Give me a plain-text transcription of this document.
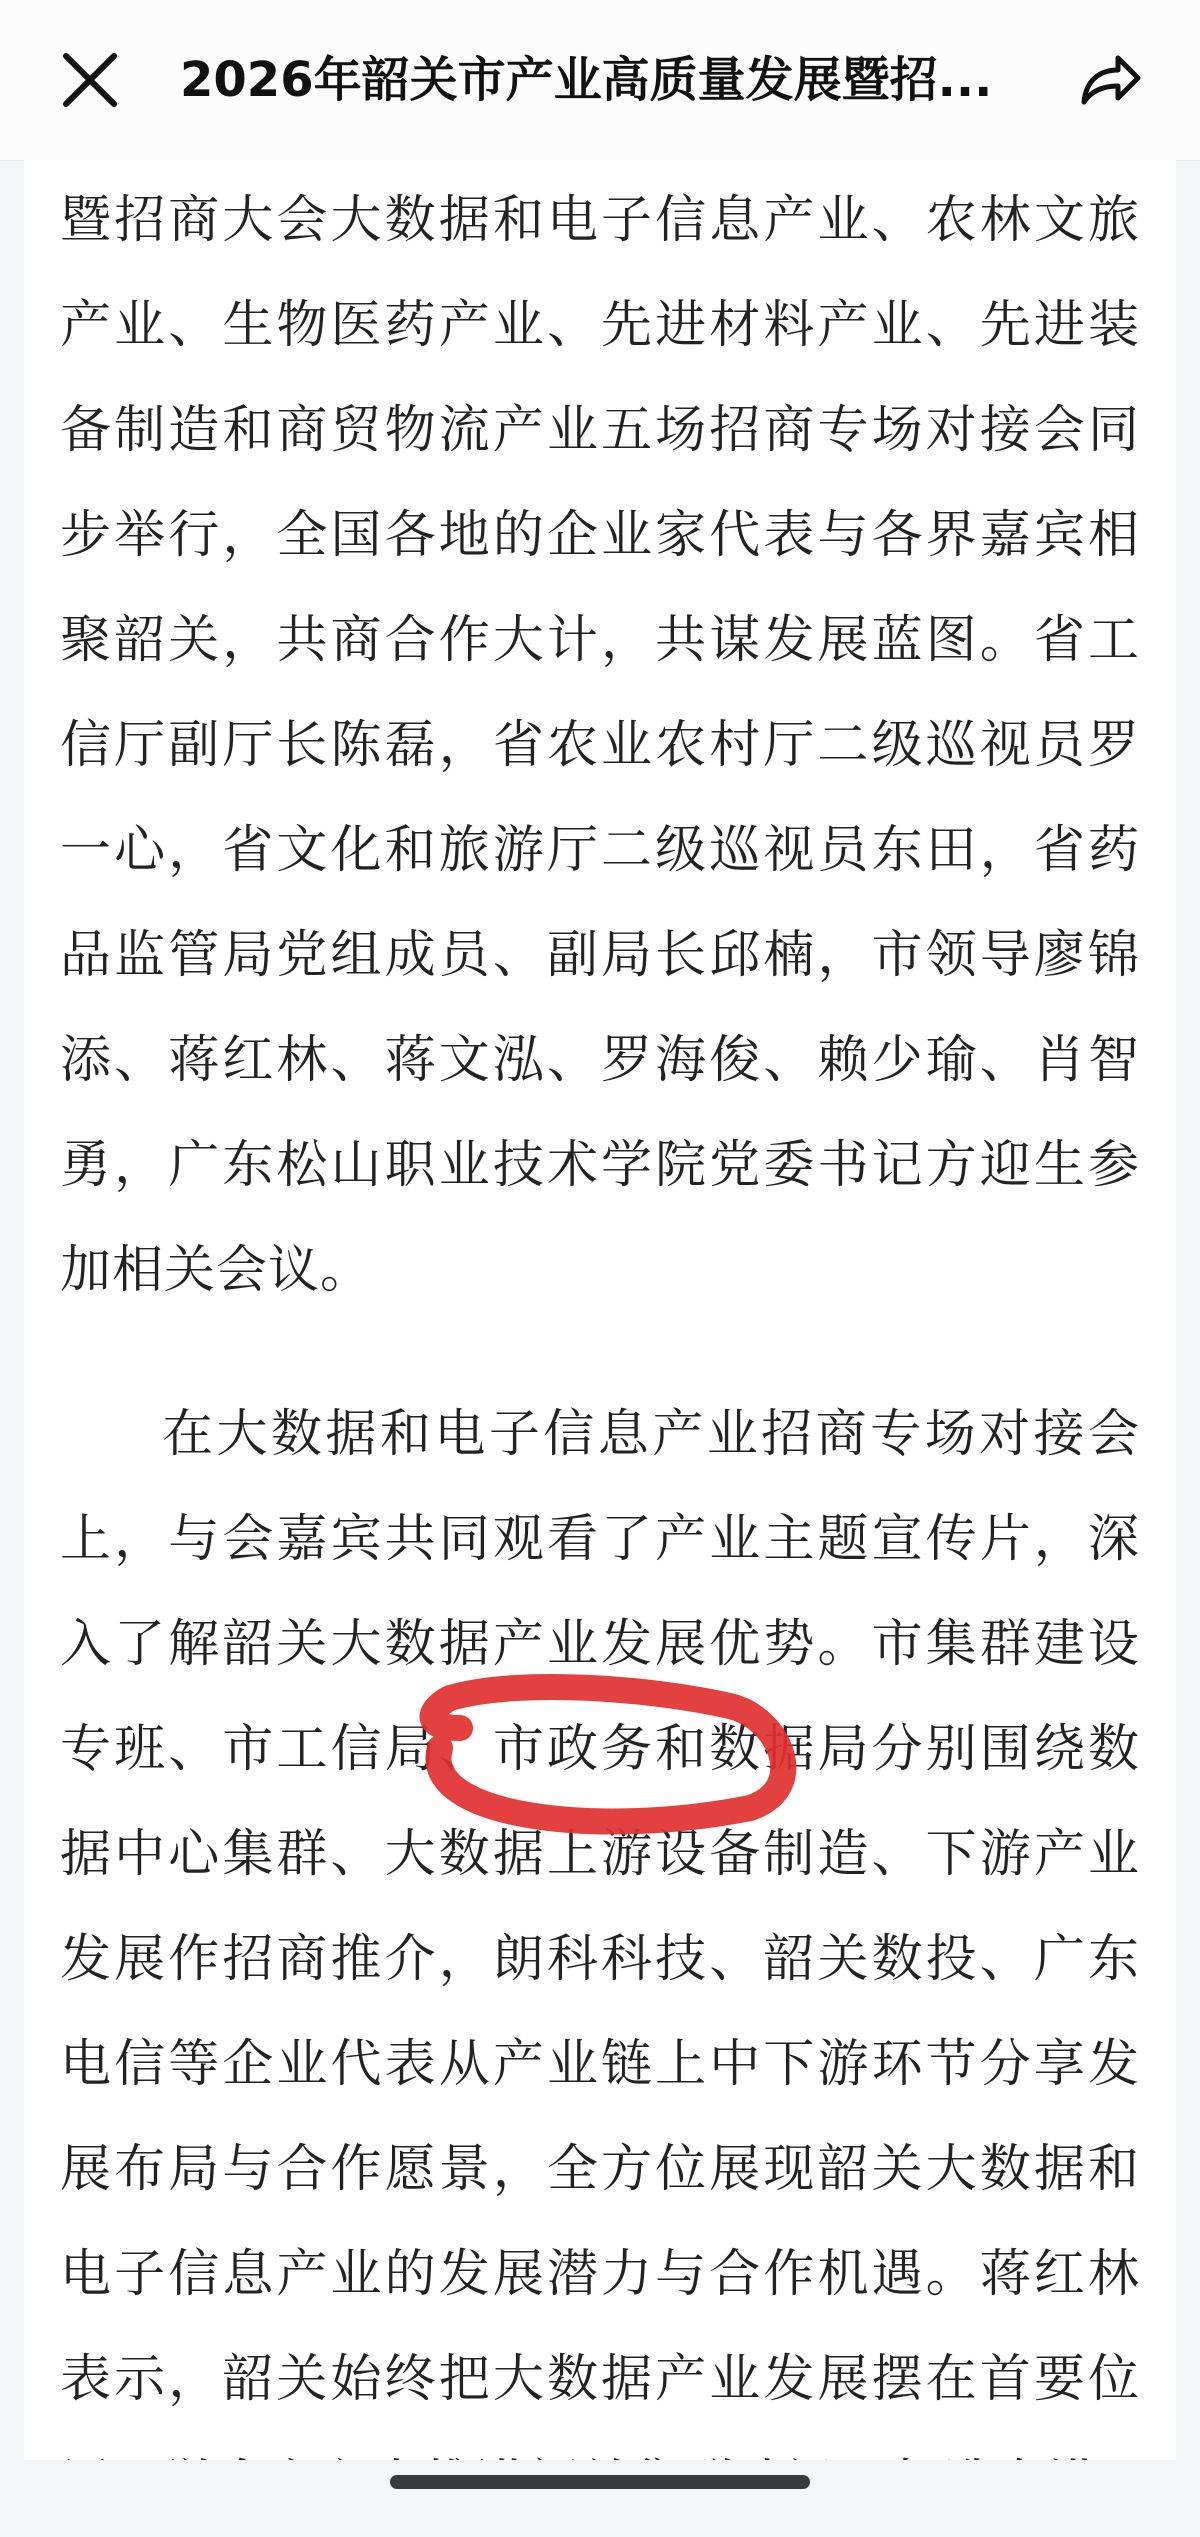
2026年韶关市产业高质量发展暨招...

暨招商大会大数据和电子信息产业、农林文旅产业、生物医药产业、先进材料产业、先进装备制造和商贸物流产业五场招商专场对接会同步举行，全国各地的企业家代表与各界嘉宾相聚韶关，共商合作大计，共谋发展蓝图。省工信厅副厅长陈磊，省农业农村厅二级巡视员罗一心，省文化和旅游厅二级巡视员东田，省药品监管局党组成员、副局长邱楠，市领导廖锦添、蒋红林、蒋文泓、罗海俊、赖少瑜、肖智勇，广东松山职业技术学院党委书记方迎生参加相关会议。

在大数据和电子信息产业招商专场对接会上，与会嘉宾共同观看了产业主题宣传片，深入了解韶关大数据产业发展优势。市集群建设专班、市工信局、市政务和数据局分别围绕数据中心集群、大数据上游设备制造、下游产业发展作招商推介，朗科科技、韶关数投、广东电信等企业代表从产业链上中下游环节分享发展布局与合作愿景，全方位展现韶关大数据和电子信息产业的发展潜力与合作机遇。蒋红林表示，韶关始终把大数据产业发展摆在首要位
